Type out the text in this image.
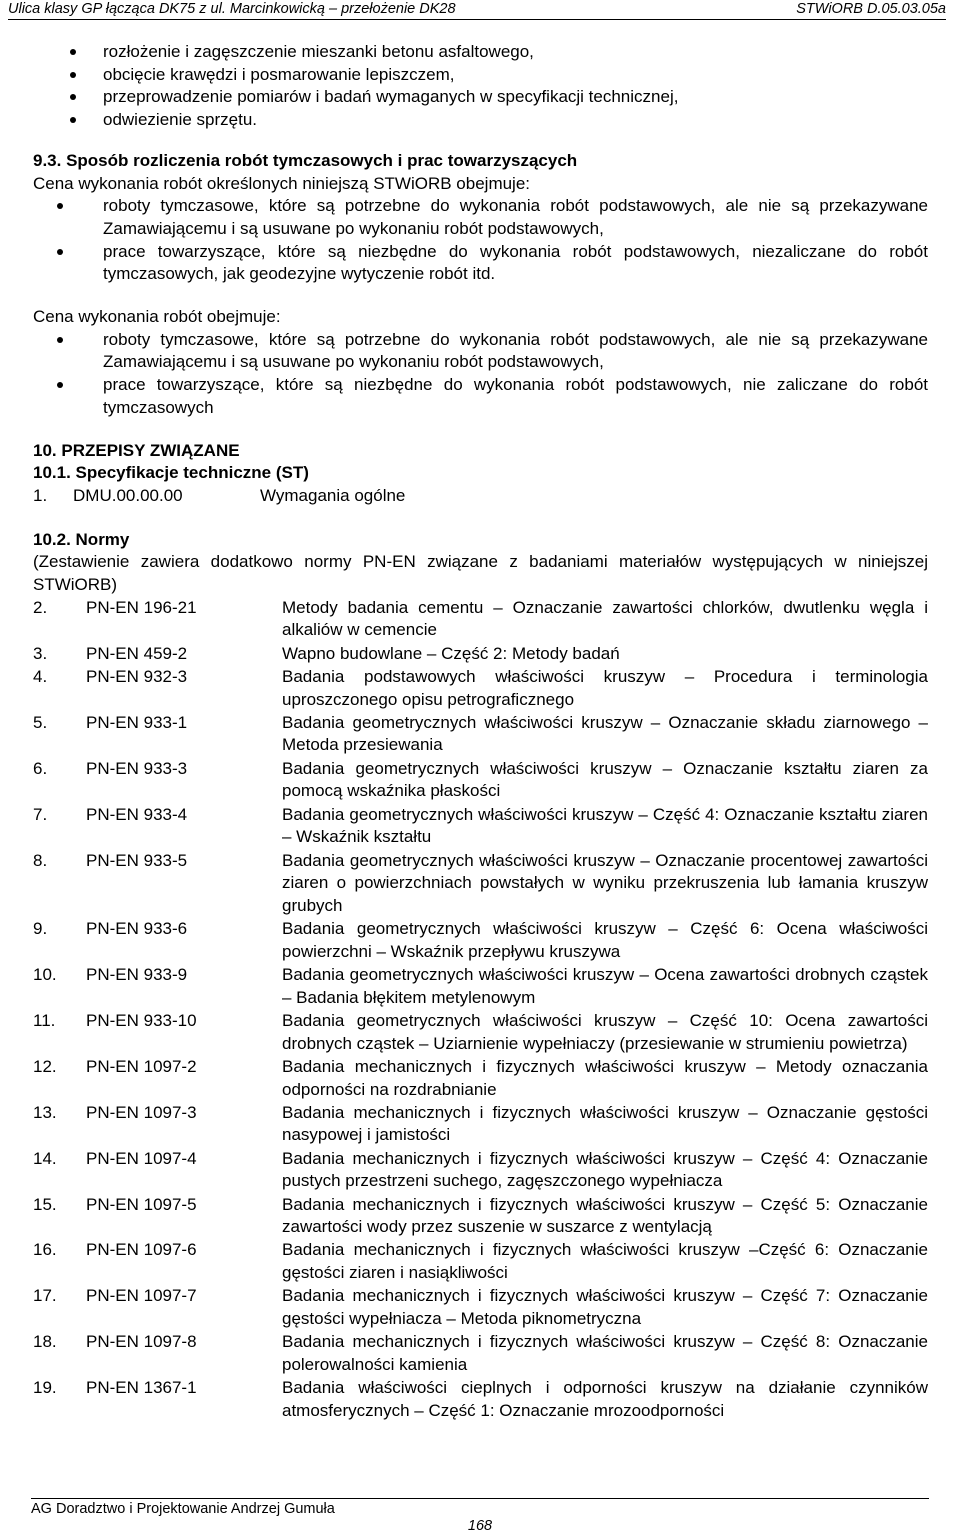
Ulica klasy GP łącząca DK75 z ul. Marcinkowicką – przełożenie DK28	STWiORB D.05.03.05a
rozłożenie i zagęszczenie mieszanki betonu asfaltowego,
obcięcie krawędzi i posmarowanie lepiszczem,
przeprowadzenie pomiarów i badań wymaganych w specyfikacji technicznej,
odwiezienie sprzętu.
9.3. Sposób rozliczenia robót tymczasowych i prac towarzyszących
Cena wykonania robót określonych niniejszą STWiORB obejmuje:
roboty tymczasowe, które są potrzebne do wykonania robót podstawowych, ale nie są przekazywane Zamawiającemu i są usuwane po wykonaniu robót podstawowych,
prace towarzyszące, które są niezbędne do wykonania robót podstawowych, niezaliczane do robót tymczasowych, jak geodezyjne wytyczenie robót itd.
Cena wykonania robót obejmuje:
roboty tymczasowe, które są potrzebne do wykonania robót podstawowych, ale nie są przekazywane Zamawiającemu i są usuwane po wykonaniu robót podstawowych,
prace towarzyszące, które są niezbędne do wykonania robót podstawowych, nie zaliczane do robót tymczasowych
10. PRZEPISY ZWIĄZANE
10.1. Specyfikacje techniczne (ST)
1. DMU.00.00.00	Wymagania ogólne
10.2. Normy
(Zestawienie zawiera dodatkowo normy PN-EN związane z badaniami materiałów występujących w niniejszej STWiORB)
2.	PN-EN 196-21	Metody badania cementu – Oznaczanie zawartości chlorków, dwutlenku węgla i alkaliów w cemencie
3.	PN-EN 459-2	Wapno budowlane – Część 2: Metody badań
4.	PN-EN 932-3	Badania podstawowych właściwości kruszyw – Procedura i terminologia uproszczonego opisu petrograficznego
5.	PN-EN 933-1	Badania geometrycznych właściwości kruszyw – Oznaczanie składu ziarnowego – Metoda przesiewania
6.	PN-EN 933-3	Badania geometrycznych właściwości kruszyw – Oznaczanie kształtu ziaren za pomocą wskaźnika płaskości
7.	PN-EN 933-4	Badania geometrycznych właściwości kruszyw – Część 4: Oznaczanie kształtu ziaren – Wskaźnik kształtu
8.	PN-EN 933-5	Badania geometrycznych właściwości kruszyw – Oznaczanie procentowej zawartości ziaren o powierzchniach powstałych w wyniku przekruszenia lub łamania kruszyw grubych
9.	PN-EN 933-6	Badania geometrycznych właściwości kruszyw – Część 6: Ocena właściwości powierzchni – Wskaźnik przepływu kruszywa
10.	PN-EN 933-9	Badania geometrycznych właściwości kruszyw – Ocena zawartości drobnych cząstek – Badania błękitem metylenowym
11.	PN-EN 933-10	Badania geometrycznych właściwości kruszyw – Część 10: Ocena zawartości drobnych cząstek – Uziarnienie wypełniaczy (przesiewanie w strumieniu powietrza)
12.	PN-EN 1097-2	Badania mechanicznych i fizycznych właściwości kruszyw – Metody oznaczania odporności na rozdrabnianie
13.	PN-EN 1097-3	Badania mechanicznych i fizycznych właściwości kruszyw – Oznaczanie gęstości nasypowej i jamistości
14.	PN-EN 1097-4	Badania mechanicznych i fizycznych właściwości kruszyw – Część 4: Oznaczanie pustych przestrzeni suchego, zagęszczonego wypełniacza
15.	PN-EN 1097-5	Badania mechanicznych i fizycznych właściwości kruszyw – Część 5: Oznaczanie zawartości wody przez suszenie w suszarce z wentylacją
16.	PN-EN 1097-6	Badania mechanicznych i fizycznych właściwości kruszyw –Część 6: Oznaczanie gęstości ziaren i nasiąkliwości
17.	PN-EN 1097-7	Badania mechanicznych i fizycznych właściwości kruszyw – Część 7: Oznaczanie gęstości wypełniacza – Metoda piknometryczna
18.	PN-EN 1097-8	Badania mechanicznych i fizycznych właściwości kruszyw – Część 8: Oznaczanie polerowalności kamienia
19.	PN-EN 1367-1	Badania właściwości cieplnych i odporności kruszyw na działanie czynników atmosferycznych – Część 1: Oznaczanie mrozoodporności
AG Doradztwo i Projektowanie Andrzej Gumuła
168
